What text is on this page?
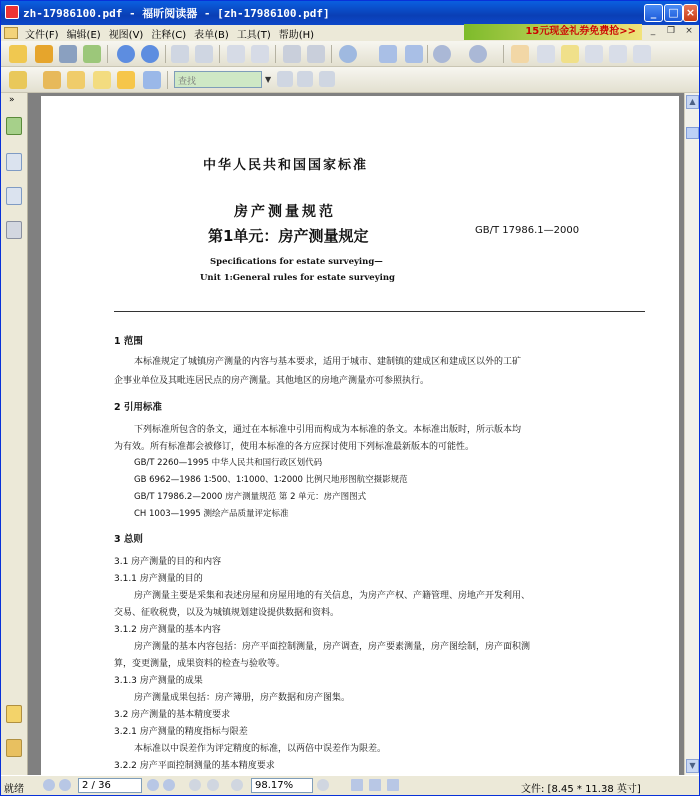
zh-17986100.pdf - 福昕阅读器 - [zh-17986100.pdf]	_	□ ×
文件(F) 编辑(E) 视图(V) 注释(C) 表单(B) 工具(T) 帮助(H)	15元现金礼券免费抢>>	_	❐	×
查找	▼
»
中华人民共和国国家标准
房产测量规范
第1单元：房产测量规定	GB/T 17986.1—2000
Specifications for estate surveying—
Unit 1:General rules for estate surveying
1 范围
本标准规定了城镇房产测量的内容与基本要求，适用于城市、建制镇的建成区和建成区以外的工矿
企事业单位及其毗连居民点的房产测量。其他地区的房地产测量亦可参照执行。
2 引用标准
下列标准所包含的条文，通过在本标准中引用而构成为本标准的条文。本标准出版时，所示版本均
为有效。所有标准都会被修订，使用本标准的各方应探讨使用下列标准最新版本的可能性。
GB/T 2260—1995 中华人民共和国行政区划代码
GB 6962—1986 1∶500、1∶1000、1∶2000 比例尺地形图航空摄影规范
GB/T 17986.2—2000 房产测量规范 第 2 单元：房产图图式
CH 1003—1995 测绘产品质量评定标准
3 总则
3.1 房产测量的目的和内容
3.1.1 房产测量的目的
房产测量主要是采集和表述房屋和房屋用地的有关信息，为房产产权、产籍管理、房地产开发利用、
交易、征收税费，以及为城镇规划建设提供数据和资料。
3.1.2 房产测量的基本内容
房产测量的基本内容包括：房产平面控制测量，房产调查，房产要素测量，房产图绘制，房产面积测
算，变更测量，成果资料的检查与验收等。
3.1.3 房产测量的成果
房产测量成果包括：房产簿册，房产数据和房产图集。
3.2 房产测量的基本精度要求
3.2.1 房产测量的精度指标与限差
本标准以中误差作为评定精度的标准，以两倍中误差作为限差。
3.2.2 房产平面控制测量的基本精度要求
▲
▼
就绪	2 / 36	98.17%	文件: [8.45 * 11.38 英寸]
